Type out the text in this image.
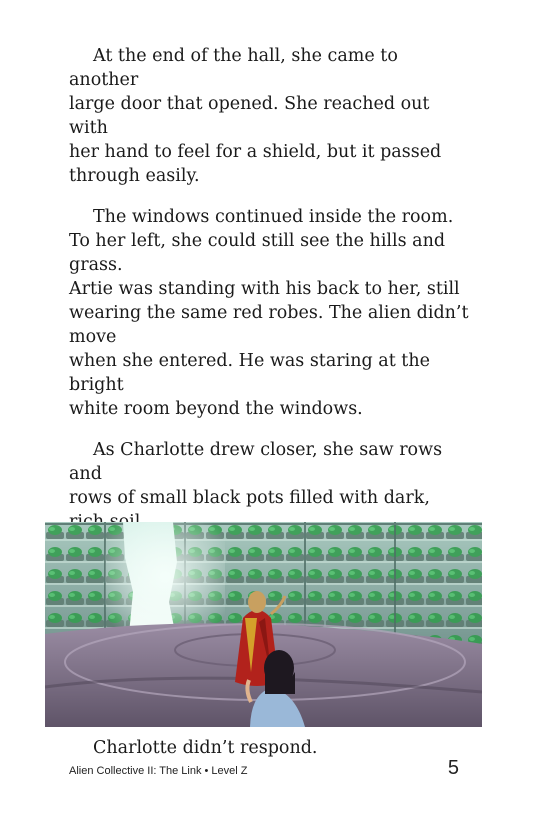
At the end of the hall, she came to another
large door that opened. She reached out with
her hand to feel for a shield, but it passed
through easily.

The windows continued inside the room.
To her left, she could still see the hills and grass.
Artie was standing with his back to her, still
wearing the same red robes. The alien didn’t move
when she entered. He was staring at the bright
white room beyond the windows.

As Charlotte drew closer, she saw rows and
rows of small black pots filled with dark,

Charlotte didn’t respond.

Alien Collective II: The Link • Level Z	5
